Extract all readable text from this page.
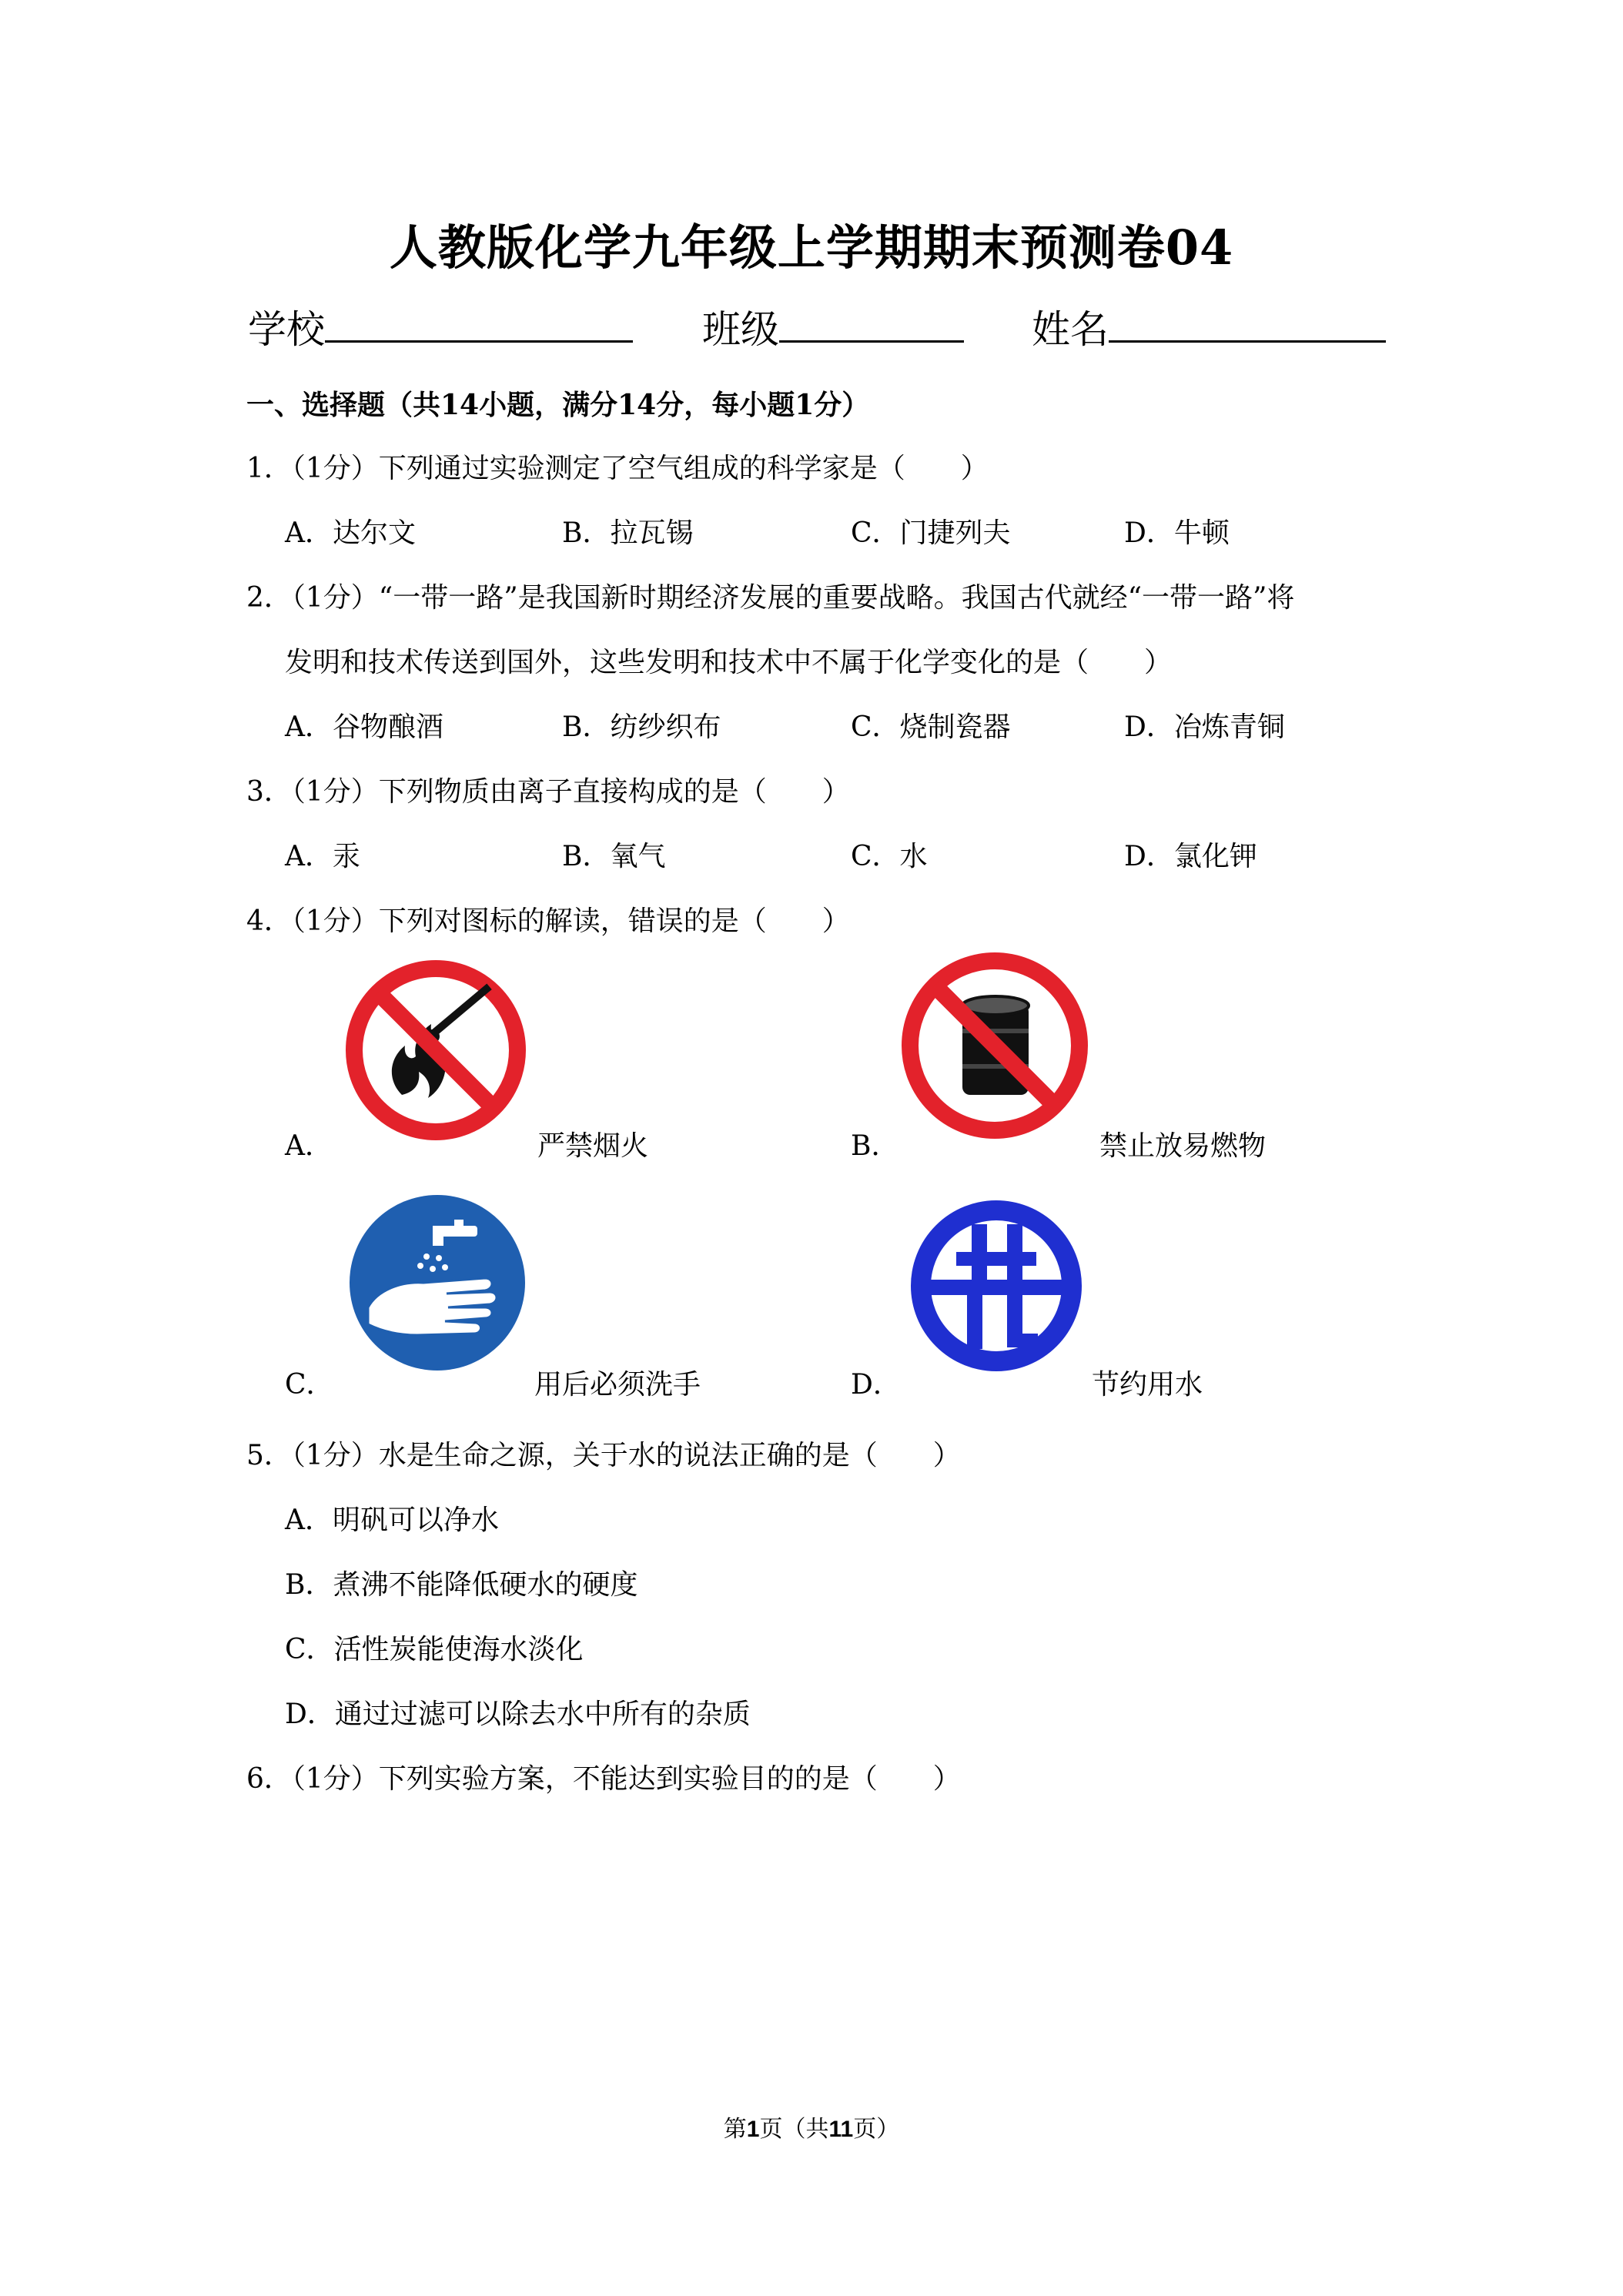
人教版化学九年级上学期期末预测卷04
学校	班级	姓名
一、选择题（共14小题，满分14分，每小题1分）
1．（1分）下列通过实验测定了空气组成的科学家是（　　）
A．达尔文	B．拉瓦锡	C．门捷列夫	D．牛顿
2．（1分）“一带一路”是我国新时期经济发展的重要战略。我国古代就经“一带一路”将
发明和技术传送到国外，这些发明和技术中不属于化学变化的是（　　）
A．谷物酿酒	B．纺纱织布	C．烧制瓷器	D．冶炼青铜
3．（1分）下列物质由离子直接构成的是（　　）
A．汞	B．氧气	C．水	D．氯化钾
4．（1分）下列对图标的解读，错误的是（　　）
A．	严禁烟火	B．	禁止放易燃物
C．	用后必须洗手	D．	节约用水
5．（1分）水是生命之源，关于水的说法正确的是（　　）
A．明矾可以净水
B．煮沸不能降低硬水的硬度
C．活性炭能使海水淡化
D．通过过滤可以除去水中所有的杂质
6．（1分）下列实验方案，不能达到实验目的的是（　　）
第1页（共11页）
